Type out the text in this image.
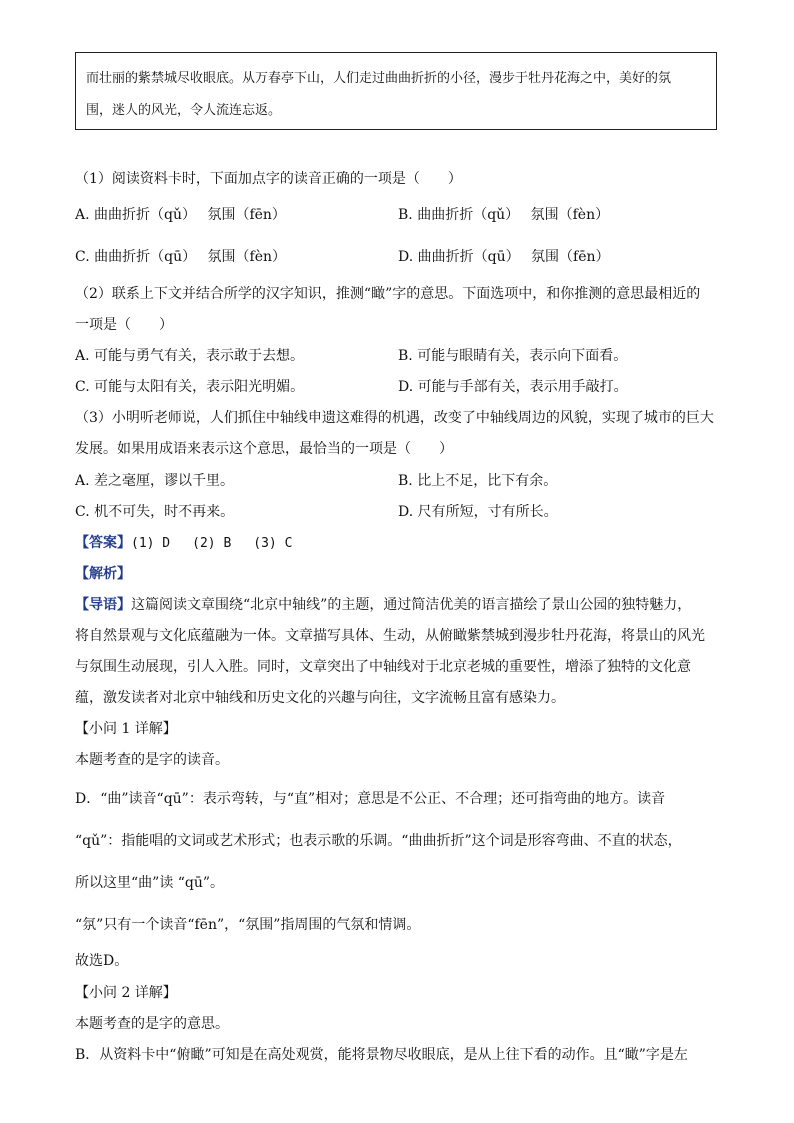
而壮丽的紫禁城尽收眼底。从万春亭下山，人们走过曲曲折折的小径，漫步于牡丹花海之中，美好的氛
围，迷人的风光，令人流连忘返。
（1）阅读资料卡时，下面加点字的读音正确的一项是（　　）
A. 曲曲折折（qǔ）　 氛围（fēn）	B. 曲曲折折（qǔ）　 氛围（fèn）
C. 曲曲折折（qū）　 氛围（fèn）	D. 曲曲折折（qū）　 氛围（fēn）
（2）联系上下文并结合所学的汉字知识，推测“瞰”字的意思。下面选项中，和你推测的意思最相近的
一项是（　　）
A. 可能与勇气有关，表示敢于去想。	B. 可能与眼睛有关，表示向下面看。
C. 可能与太阳有关，表示阳光明媚。	D. 可能与手部有关，表示用手敲打。
（3）小明听老师说，人们抓住中轴线申遗这难得的机遇，改变了中轴线周边的风貌，实现了城市的巨大
发展。如果用成语来表示这个意思，最恰当的一项是（　　）
A. 差之毫厘，谬以千里。	B. 比上不足，比下有余。
C. 机不可失，时不再来。	D. 尺有所短，寸有所长。
【答案】(1) D (2) B (3) C
【解析】
【导语】这篇阅读文章围绕“北京中轴线”的主题，通过简洁优美的语言描绘了景山公园的独特魅力，
将自然景观与文化底蕴融为一体。文章描写具体、生动，从俯瞰紫禁城到漫步牡丹花海，将景山的风光
与氛围生动展现，引人入胜。同时，文章突出了中轴线对于北京老城的重要性，增添了独特的文化意
蕴，激发读者对北京中轴线和历史文化的兴趣与向往，文字流畅且富有感染力。
【小问 1 详解】
本题考查的是字的读音。
D．“曲”读音“qū”：表示弯转，与“直”相对；意思是不公正、不合理；还可指弯曲的地方。读音
“qǔ”：指能唱的文词或艺术形式；也表示歌的乐调。“曲曲折折”这个词是形容弯曲、不直的状态，
所以这里“曲”读 “qū”。
“氛”只有一个读音“fēn”，“氛围”指周围的气氛和情调。
故选D。
【小问 2 详解】
本题考查的是字的意思。
B．从资料卡中“俯瞰”可知是在高处观赏，能将景物尽收眼底，是从上往下看的动作。且“瞰”字是左
